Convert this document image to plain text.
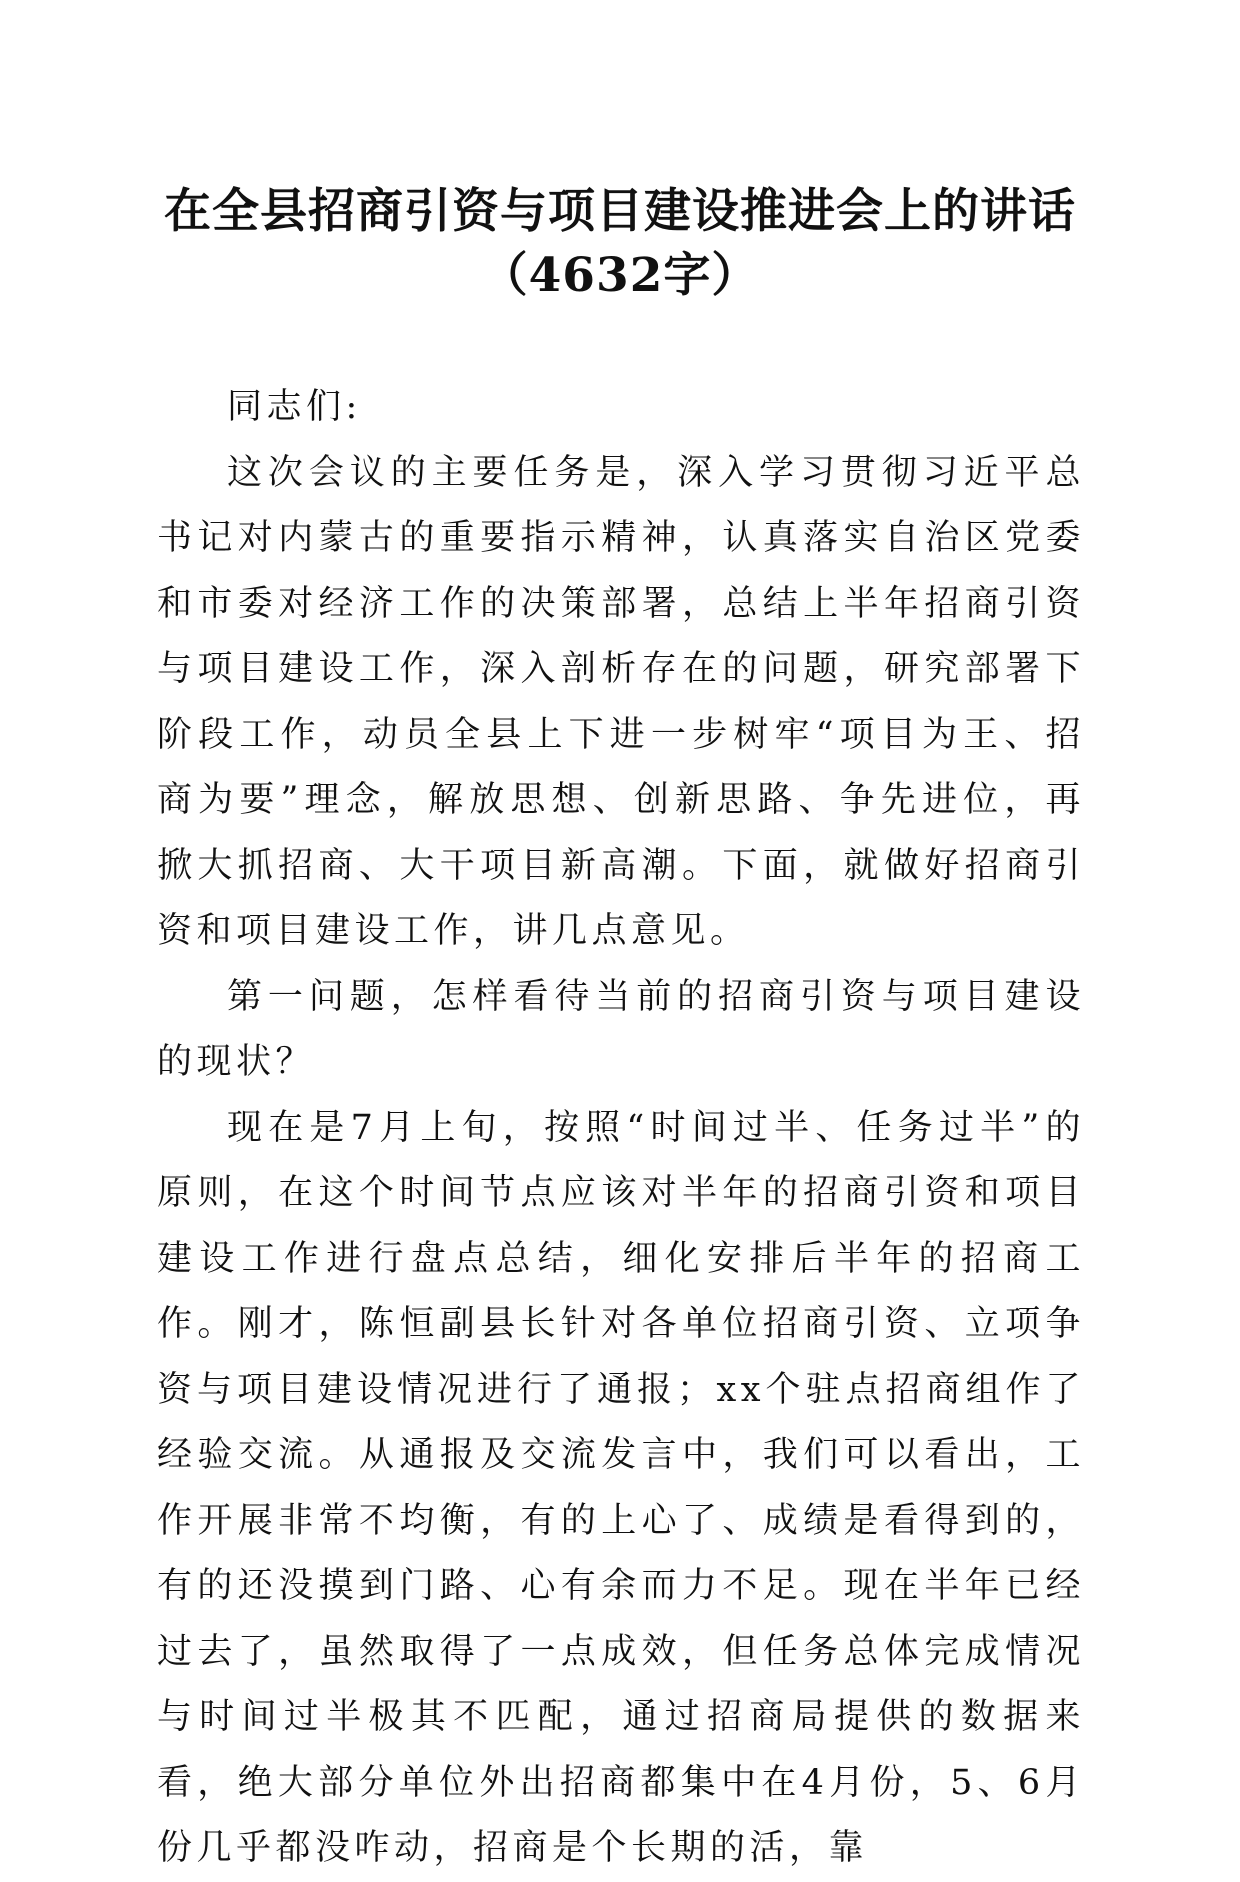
在全县招商引资与项目建设推进会上的讲话
（4632字）

同志们:

这次会议的主要任务是，深入学习贯彻习近平总书记对内蒙古的重要指示精神，认真落实自治区党委和市委对经济工作的决策部署，总结上半年招商引资与项目建设工作，深入剖析存在的问题，研究部署下阶段工作，动员全县上下进一步树牢“项目为王、招商为要”理念，解放思想、创新思路、争先进位，再掀大抓招商、大干项目新高潮。下面，就做好招商引资和项目建设工作，讲几点意见。

第一问题，怎样看待当前的招商引资与项目建设的现状？

现在是7月上旬，按照“时间过半、任务过半”的原则，在这个时间节点应该对半年的招商引资和项目建设工作进行盘点总结，细化安排后半年的招商工作。刚才，陈恒副县长针对各单位招商引资、立项争资与项目建设情况进行了通报；xx个驻点招商组作了经验交流。从通报及交流发言中，我们可以看出，工作开展非常不均衡，有的上心了、成绩是看得到的，有的还没摸到门路、心有余而力不足。现在半年已经过去了，虽然取得了一点成效，但任务总体完成情况与时间过半极其不匹配，通过招商局提供的数据来看，绝大部分单位外出招商都集中在4月份，5、6月份几乎都没咋动，招商是个长期的活，靠
